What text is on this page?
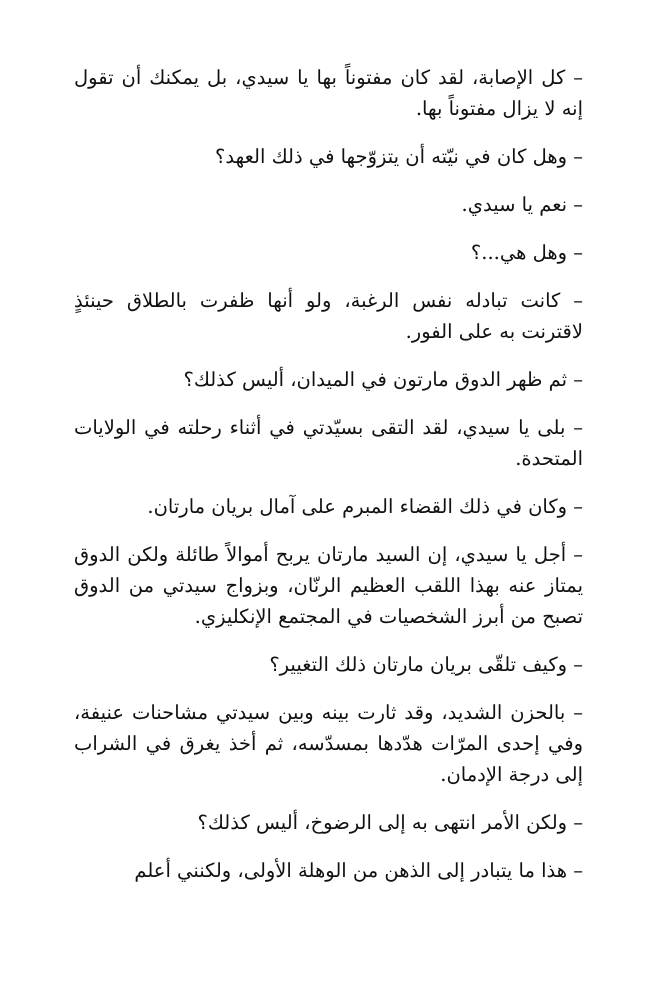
– كل الإصابة، لقد كان مفتوناً بها يا سيدي، بل يمكنك أن تقول إنه لا يزال مفتوناً بها.

– وهل كان في نيّته أن يتزوّجها في ذلك العهد؟

– نعم يا سيدي.

– وهل هي...؟

– كانت تبادله نفس الرغبة، ولو أنها ظفرت بالطلاق حينئذٍ لاقترنت به على الفور.

– ثم ظهر الدوق مارتون في الميدان، أليس كذلك؟

– بلى يا سيدي، لقد التقى بسيّدتي في أثناء رحلته في الولايات المتحدة.

– وكان في ذلك القضاء المبرم على آمال بريان مارتان.

– أجل يا سيدي، إن السيد مارتان يربح أموالاً طائلة ولكن الدوق يمتاز عنه بهذا اللقب العظيم الرنّان، وبزواج سيدتي من الدوق تصبح من أبرز الشخصيات في المجتمع الإنكليزي.

– وكيف تلقّى بريان مارتان ذلك التغيير؟

– بالحزن الشديد، وقد ثارت بينه وبين سيدتي مشاحنات عنيفة، وفي إحدى المرّات هدّدها بمسدّسه، ثم أخذ يغرق في الشراب إلى درجة الإدمان.

– ولكن الأمر انتهى به إلى الرضوخ، أليس كذلك؟

– هذا ما يتبادر إلى الذهن من الوهلة الأولى، ولكنني أعلم
